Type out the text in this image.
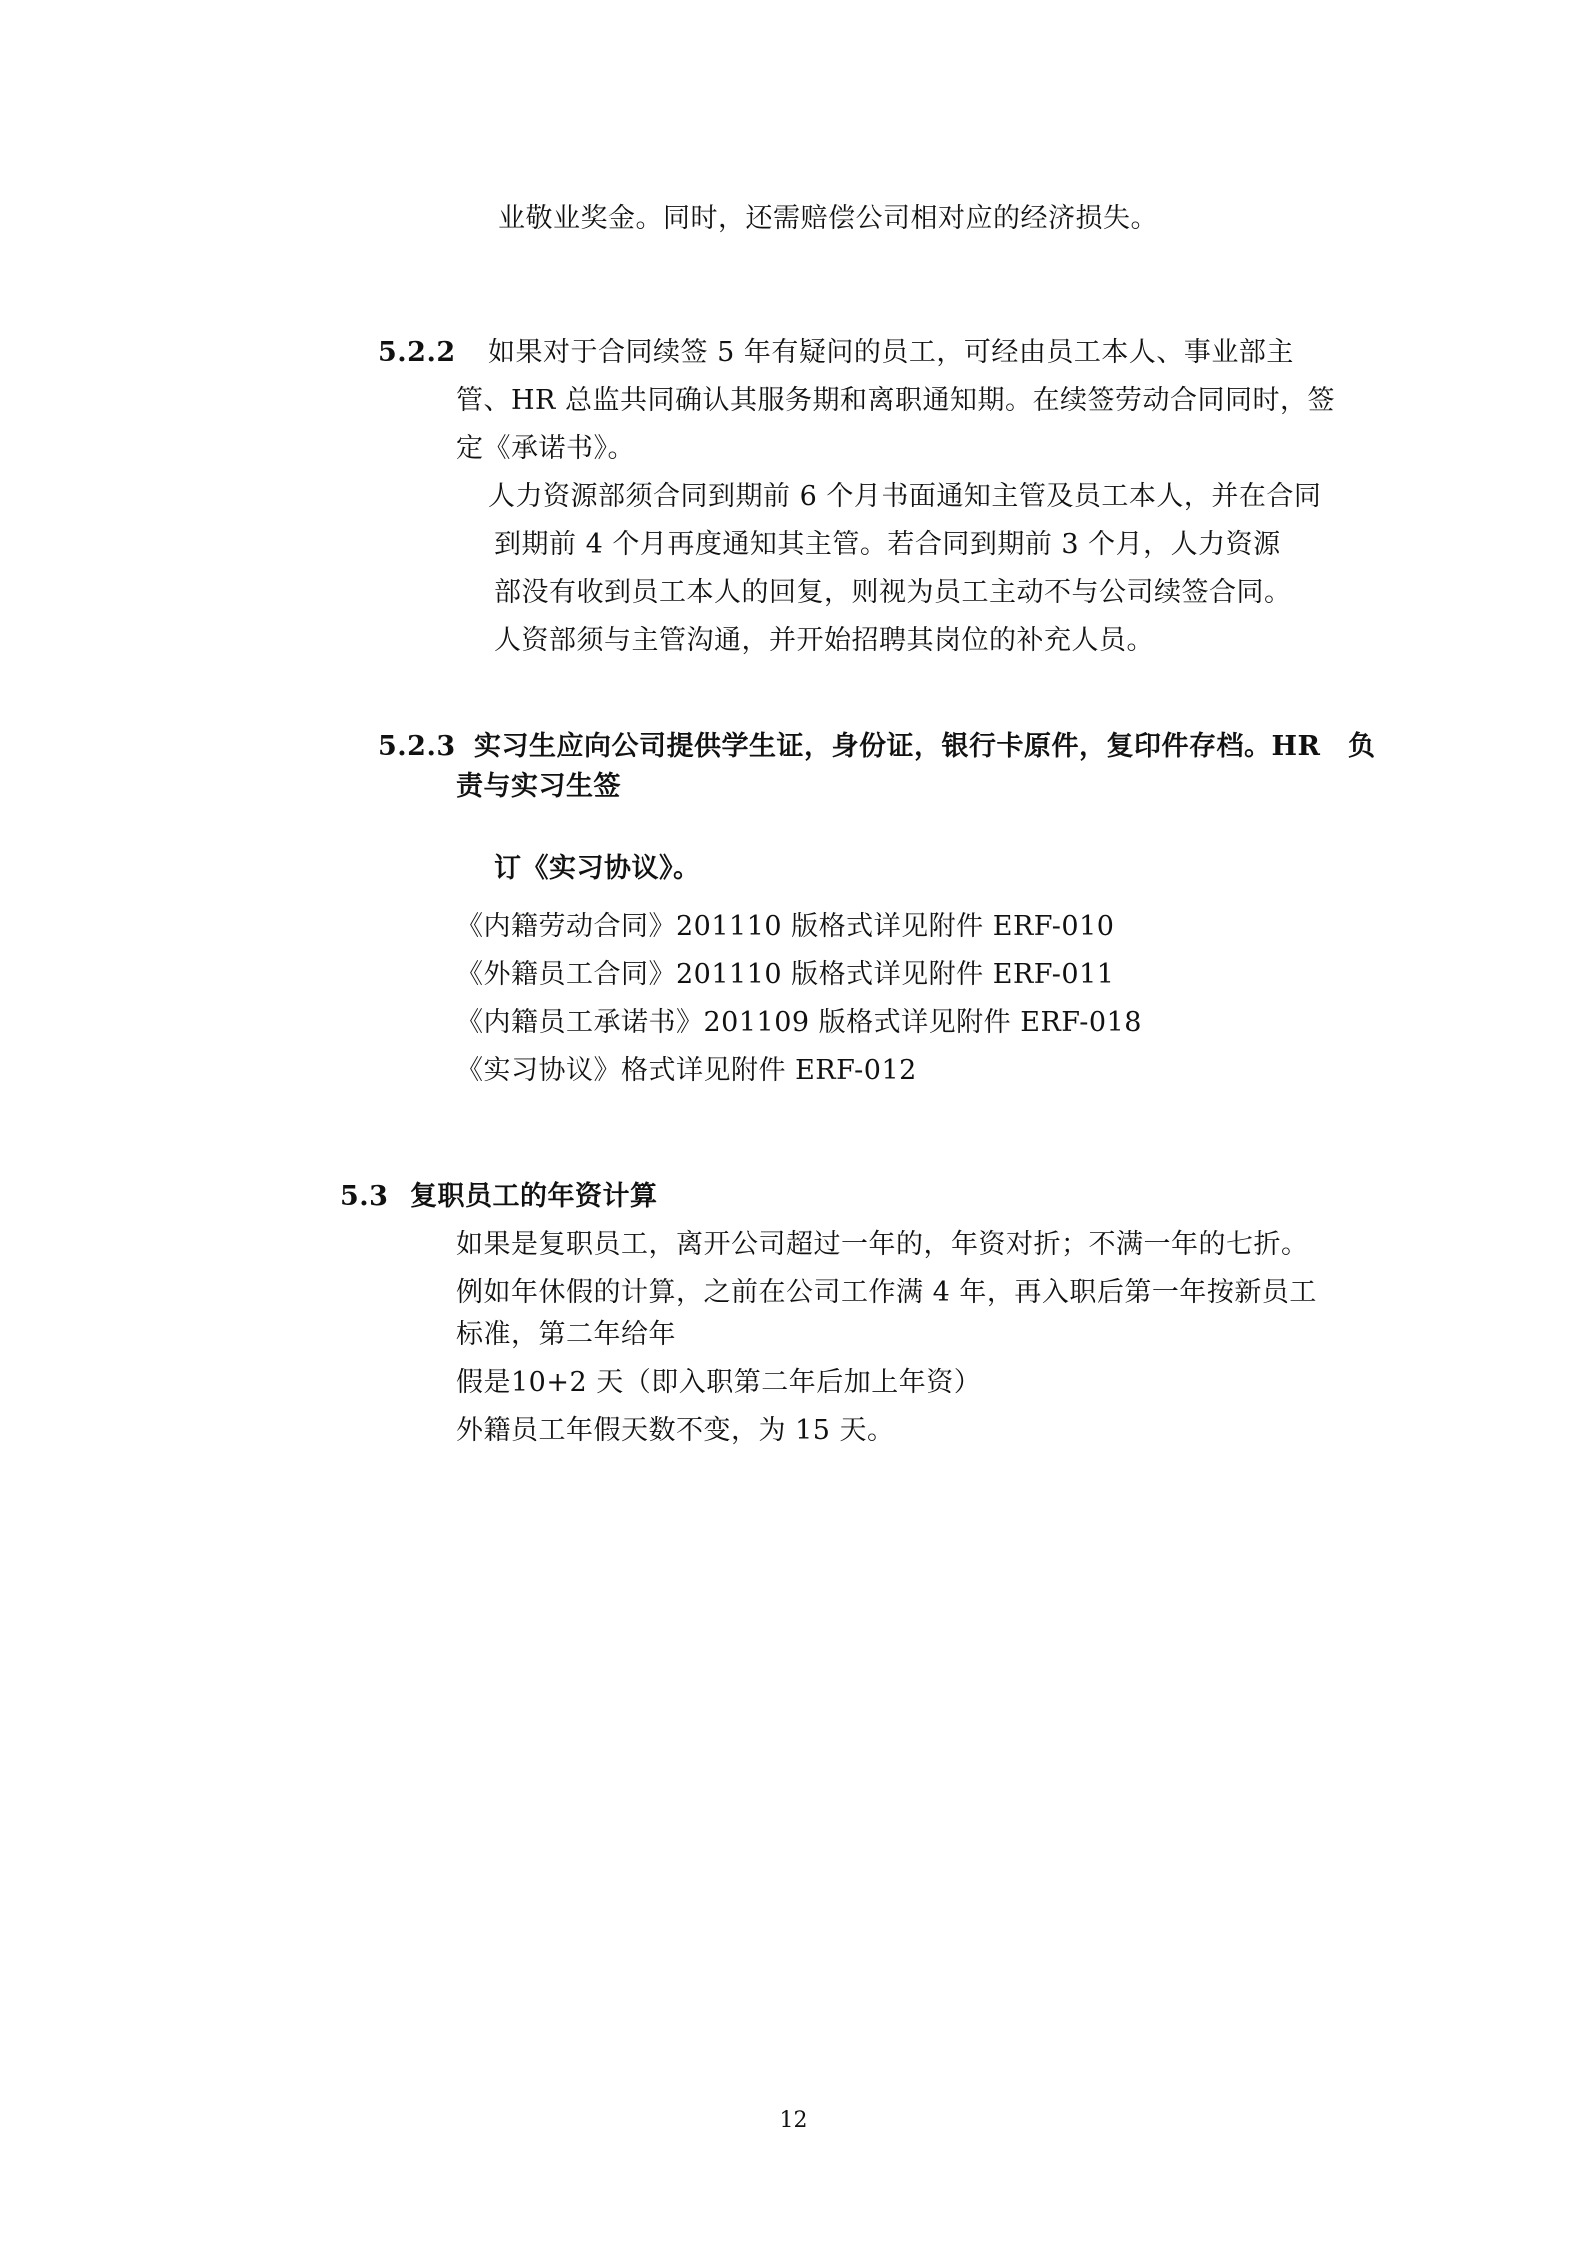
业敬业奖金。同时，还需赔偿公司相对应的经济损失。
5.2.2 如果对于合同续签 5 年有疑问的员工，可经由员工本人、事业部主
管、HR 总监共同确认其服务期和离职通知期。在续签劳动合同同时，签
定《承诺书》。
人力资源部须合同到期前 6 个月书面通知主管及员工本人，并在合同
到期前 4 个月再度通知其主管。若合同到期前 3 个月，人力资源
部没有收到员工本人的回复，则视为员工主动不与公司续签合同。
人资部须与主管沟通，并开始招聘其岗位的补充人员。
5.2.3 实习生应向公司提供学生证，身份证，银行卡原件，复印件存档。HR　负
责与实习生签
订《实习协议》。
《内籍劳动合同》201110 版格式详见附件 ERF-010
《外籍员工合同》201110 版格式详见附件 ERF-011
《内籍员工承诺书》201109 版格式详见附件 ERF-018
《实习协议》格式详见附件 ERF-012
5.3 复职员工的年资计算
如果是复职员工，离开公司超过一年的，年资对折；不满一年的七折。
例如年休假的计算，之前在公司工作满 4 年，再入职后第一年按新员工
标准，第二年给年
假是10+2 天（即入职第二年后加上年资）
外籍员工年假天数不变，为 15 天。
12
